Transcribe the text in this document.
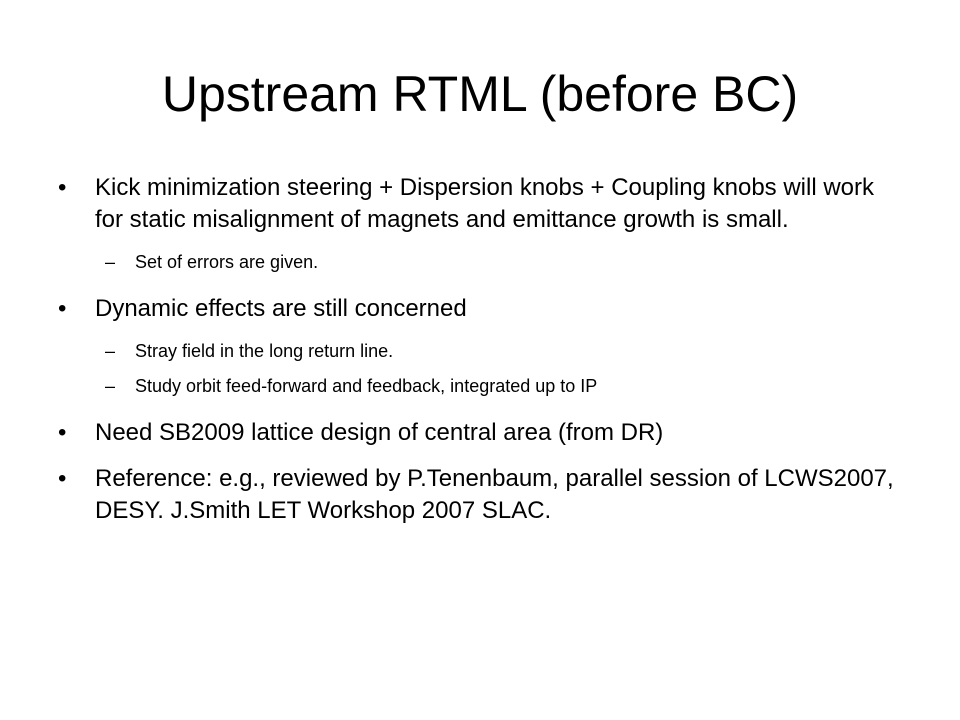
Upstream RTML (before BC)
• Kick minimization steering + Dispersion knobs + Coupling knobs will work for static misalignment of magnets and emittance growth is small.
– Set of errors are given.
• Dynamic effects are still concerned
– Stray field in the long return line.
– Study orbit feed-forward and feedback, integrated up to IP
• Need SB2009 lattice design of central area (from DR)
• Reference: e.g., reviewed by P.Tenenbaum, parallel session of LCWS2007, DESY. J.Smith LET Workshop 2007 SLAC.
